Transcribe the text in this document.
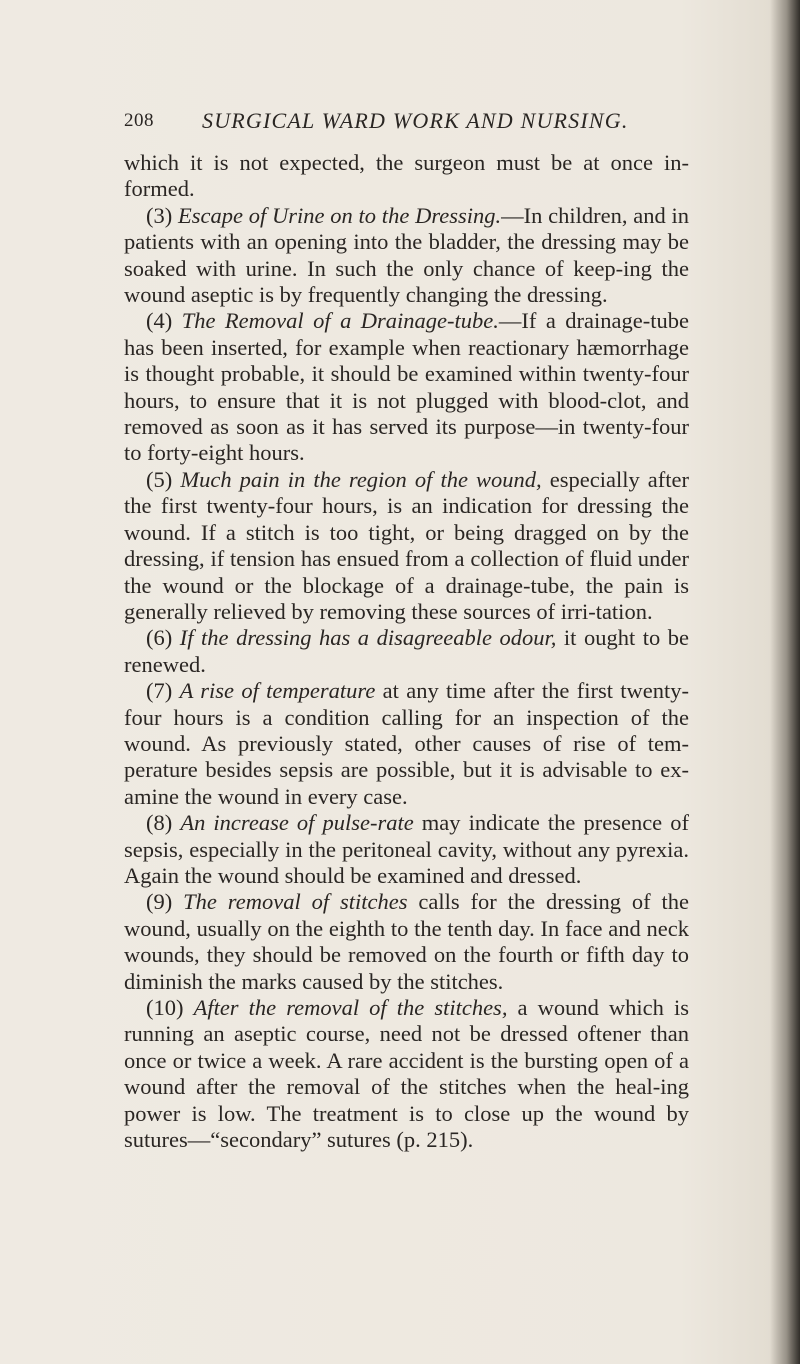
208 SURGICAL WARD WORK AND NURSING.

which it is not expected, the surgeon must be at once in-formed.

(3) Escape of Urine on to the Dressing.—In children, and in patients with an opening into the bladder, the dressing may be soaked with urine. In such the only chance of keep-ing the wound aseptic is by frequently changing the dressing.

(4) The Removal of a Drainage-tube.—If a drainage-tube has been inserted, for example when reactionary hæmorrhage is thought probable, it should be examined within twenty-four hours, to ensure that it is not plugged with blood-clot, and removed as soon as it has served its purpose—in twenty-four to forty-eight hours.

(5) Much pain in the region of the wound, especially after the first twenty-four hours, is an indication for dressing the wound. If a stitch is too tight, or being dragged on by the dressing, if tension has ensued from a collection of fluid under the wound or the blockage of a drainage-tube, the pain is generally relieved by removing these sources of irri-tation.

(6) If the dressing has a disagreeable odour, it ought to be renewed.

(7) A rise of temperature at any time after the first twenty-four hours is a condition calling for an inspection of the wound. As previously stated, other causes of rise of tem-perature besides sepsis are possible, but it is advisable to ex-amine the wound in every case.

(8) An increase of pulse-rate may indicate the presence of sepsis, especially in the peritoneal cavity, without any pyrexia. Again the wound should be examined and dressed.

(9) The removal of stitches calls for the dressing of the wound, usually on the eighth to the tenth day. In face and neck wounds, they should be removed on the fourth or fifth day to diminish the marks caused by the stitches.

(10) After the removal of the stitches, a wound which is running an aseptic course, need not be dressed oftener than once or twice a week. A rare accident is the bursting open of a wound after the removal of the stitches when the heal-ing power is low. The treatment is to close up the wound by sutures—“secondary” sutures (p. 215).
